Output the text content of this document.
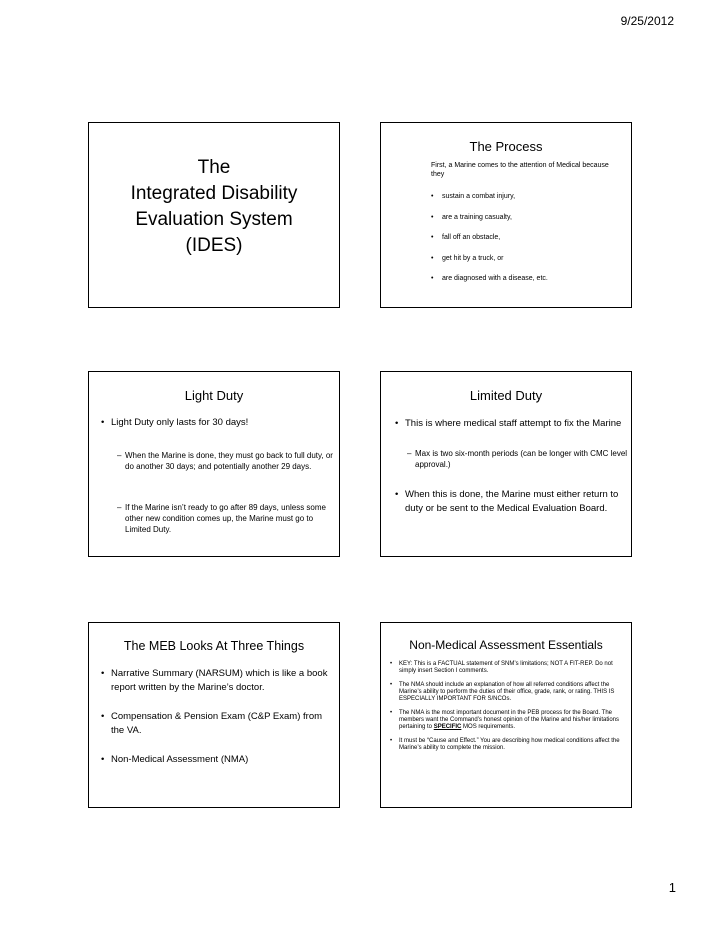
9/25/2012
The
Integrated Disability
Evaluation System
(IDES)
The Process
First, a Marine comes to the attention of Medical because they
• sustain a combat injury,
• are a training casualty,
• fall off an obstacle,
• get hit by a truck, or
• are diagnosed with a disease, etc.
Light Duty
• Light Duty only lasts for 30 days!
– When the Marine is done, they must go back to full duty, or do another 30 days; and potentially another 29 days.
– If the Marine isn’t ready to go after 89 days, unless some other new condition comes up, the Marine must go to Limited Duty.
Limited Duty
• This is where medical staff attempt to fix the Marine
– Max is two six-month periods (can be longer with CMC level approval.)
• When this is done, the Marine must either return to duty or be sent to the Medical Evaluation Board.
The MEB Looks At Three Things
• Narrative Summary (NARSUM) which is like a book report written by the Marine’s doctor.
• Compensation & Pension Exam (C&P Exam) from the VA.
• Non-Medical Assessment (NMA)
Non-Medical Assessment Essentials
• KEY: This is a FACTUAL statement of SNM’s limitations; NOT A FIT-REP. Do not simply insert Section I comments.
• The NMA should include an explanation of how all referred conditions affect the Marine’s ability to perform the duties of their office, grade, rank, or rating. THIS IS ESPECIALLY IMPORTANT FOR S/NCOs.
• The NMA is the most important document in the PEB process for the Board. The members want the Command’s honest opinion of the Marine and his/her limitations pertaining to SPECIFIC MOS requirements.
• It must be “Cause and Effect.” You are describing how medical conditions affect the Marine’s ability to complete the mission.
1
